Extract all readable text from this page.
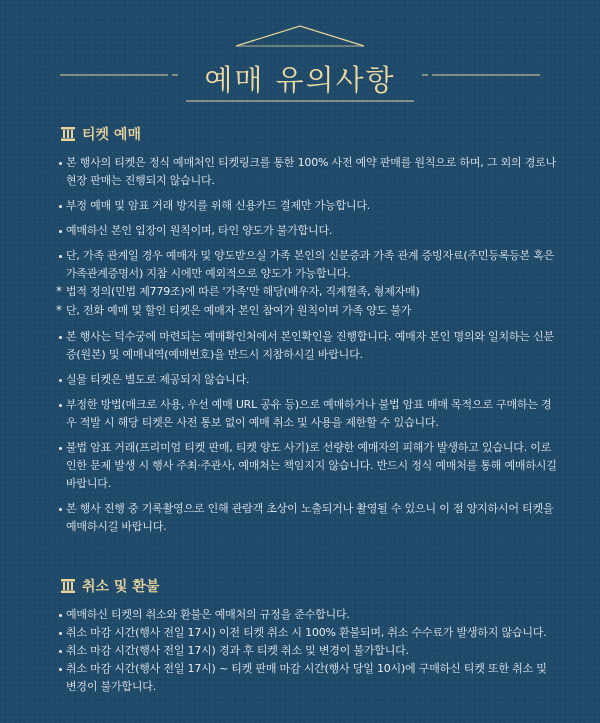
예매 유의사항
티켓 예매
본 행사의 티켓은 정식 예매처인 티켓링크를 통한 100% 사전 예약 판매를 원칙으로 하며, 그 외의 경로나 현장 판매는 진행되지 않습니다.
부정 예매 및 암표 거래 방지를 위해 신용카드 결제만 가능합니다.
예매하신 본인 입장이 원칙이며, 타인 양도가 불가합니다.
단, 가족 관계일 경우 예매자 및 양도받으실 가족 본인의 신분증과 가족 관계 증빙자료(주민등록등본 혹은 가족관계증명서) 지참 시에만 예외적으로 양도가 가능합니다.
* 법적 정의(민법 제779조)에 따른 '가족'만 해당(배우자, 직계혈족, 형제자매)
* 단, 전화 예매 및 할인 티켓은 예매자 본인 참여가 원칙이며 가족 양도 불가
본 행사는 덕수궁에 마련되는 예매확인처에서 본인확인을 진행합니다. 예매자 본인 명의와 일치하는 신분증(원본) 및 예매내역(예매번호)을 반드시 지참하시길 바랍니다.
실물 티켓은 별도로 제공되지 않습니다.
부정한 방법(매크로 사용, 우선 예매 URL 공유 등)으로 예매하거나 불법 암표 매매 목적으로 구매하는 경우 적발 시 해당 티켓은 사전 통보 없이 예매 취소 및 사용을 제한할 수 있습니다.
불법 암표 거래(프리미엄 티켓 판매, 티켓 양도 사기)로 선량한 예매자의 피해가 발생하고 있습니다. 이로 인한 문제 발생 시 행사 주최·주관사, 예매처는 책임지지 않습니다. 반드시 정식 예매처를 통해 예매하시길 바랍니다.
본 행사 진행 중 기록촬영으로 인해 관람객 초상이 노출되거나 촬영될 수 있으니 이 점 양지하시어 티켓을 예매하시길 바랍니다.
취소 및 환불
예매하신 티켓의 취소와 환불은 예매처의 규정을 준수합니다.
취소 마감 시간(행사 전일 17시) 이전 티켓 취소 시 100% 환불되며, 취소 수수료가 발생하지 않습니다.
취소 마감 시간(행사 전일 17시) 경과 후 티켓 취소 및 변경이 불가합니다.
취소 마감 시간(행사 전일 17시) ~ 티켓 판매 마감 시간(행사 당일 10시)에 구매하신 티켓 또한 취소 및 변경이 불가합니다.
